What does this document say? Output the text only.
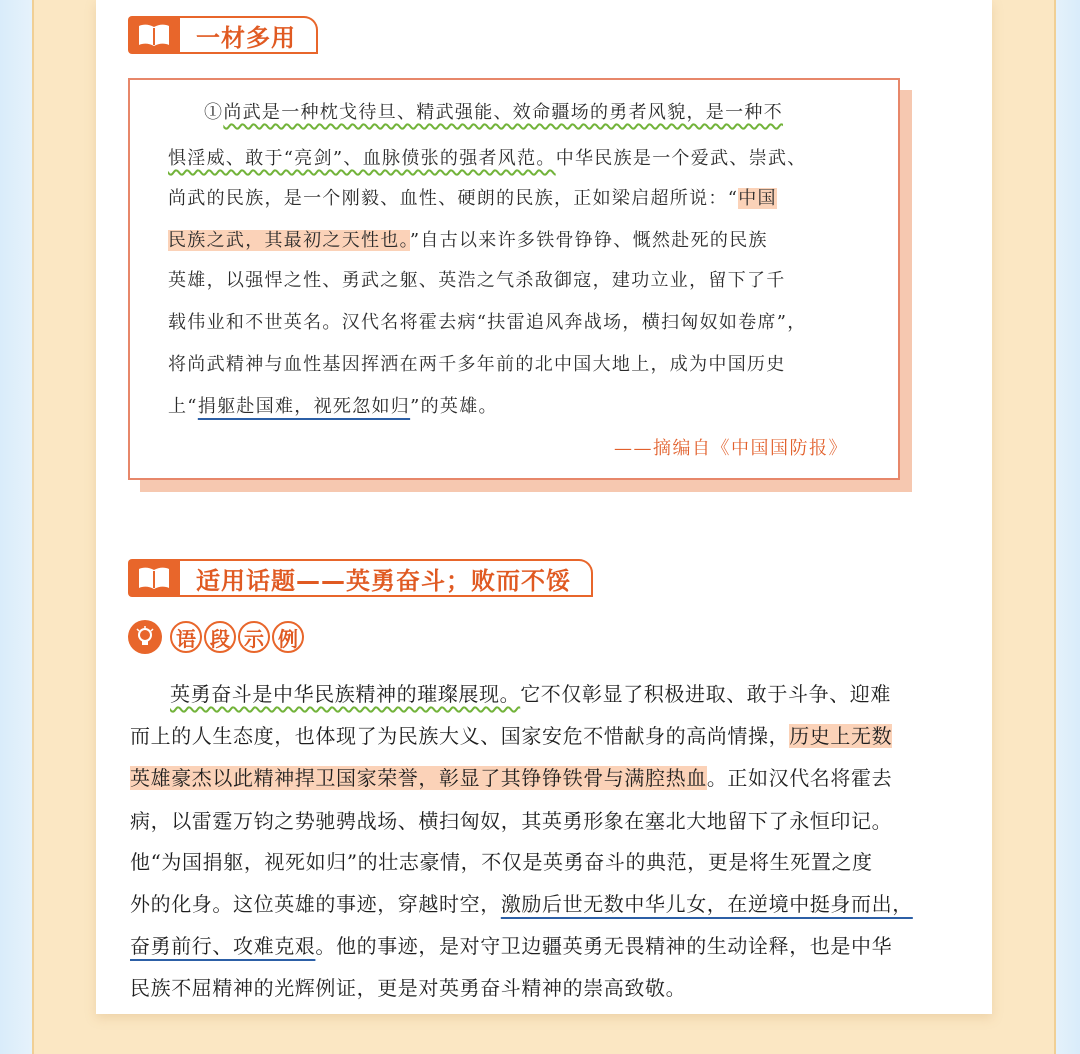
一材多用
①尚武是一种枕戈待旦、精武强能、效命疆场的勇者风貌，是一种不
惧淫威、敢于“亮剑”、血脉偾张的强者风范。中华民族是一个爱武、崇武、
尚武的民族，是一个刚毅、血性、硬朗的民族，正如梁启超所说：“中国
民族之武，其最初之天性也。”自古以来许多铁骨铮铮、慨然赴死的民族
英雄，以强悍之性、勇武之躯、英浩之气杀敌御寇，建功立业，留下了千
载伟业和不世英名。汉代名将霍去病“扶雷追风奔战场，横扫匈奴如卷席”，
将尚武精神与血性基因挥洒在两千多年前的北中国大地上，成为中国历史
上“捐躯赴国难，视死忽如归”的英雄。
——摘编自《中国国防报》
适用话题——英勇奋斗；败而不馁
语 段 示 例
英勇奋斗是中华民族精神的璀璨展现。它不仅彰显了积极进取、敢于斗争、迎难
而上的人生态度，也体现了为民族大义、国家安危不惜献身的高尚情操，历史上无数
英雄豪杰以此精神捍卫国家荣誉，彰显了其铮铮铁骨与满腔热血。正如汉代名将霍去
病，以雷霆万钧之势驰骋战场、横扫匈奴，其英勇形象在塞北大地留下了永恒印记。
他“为国捐躯，视死如归”的壮志豪情，不仅是英勇奋斗的典范，更是将生死置之度
外的化身。这位英雄的事迹，穿越时空，激励后世无数中华儿女，在逆境中挺身而出，
奋勇前行、攻难克艰。他的事迹，是对守卫边疆英勇无畏精神的生动诠释，也是中华
民族不屈精神的光辉例证，更是对英勇奋斗精神的崇高致敬。
